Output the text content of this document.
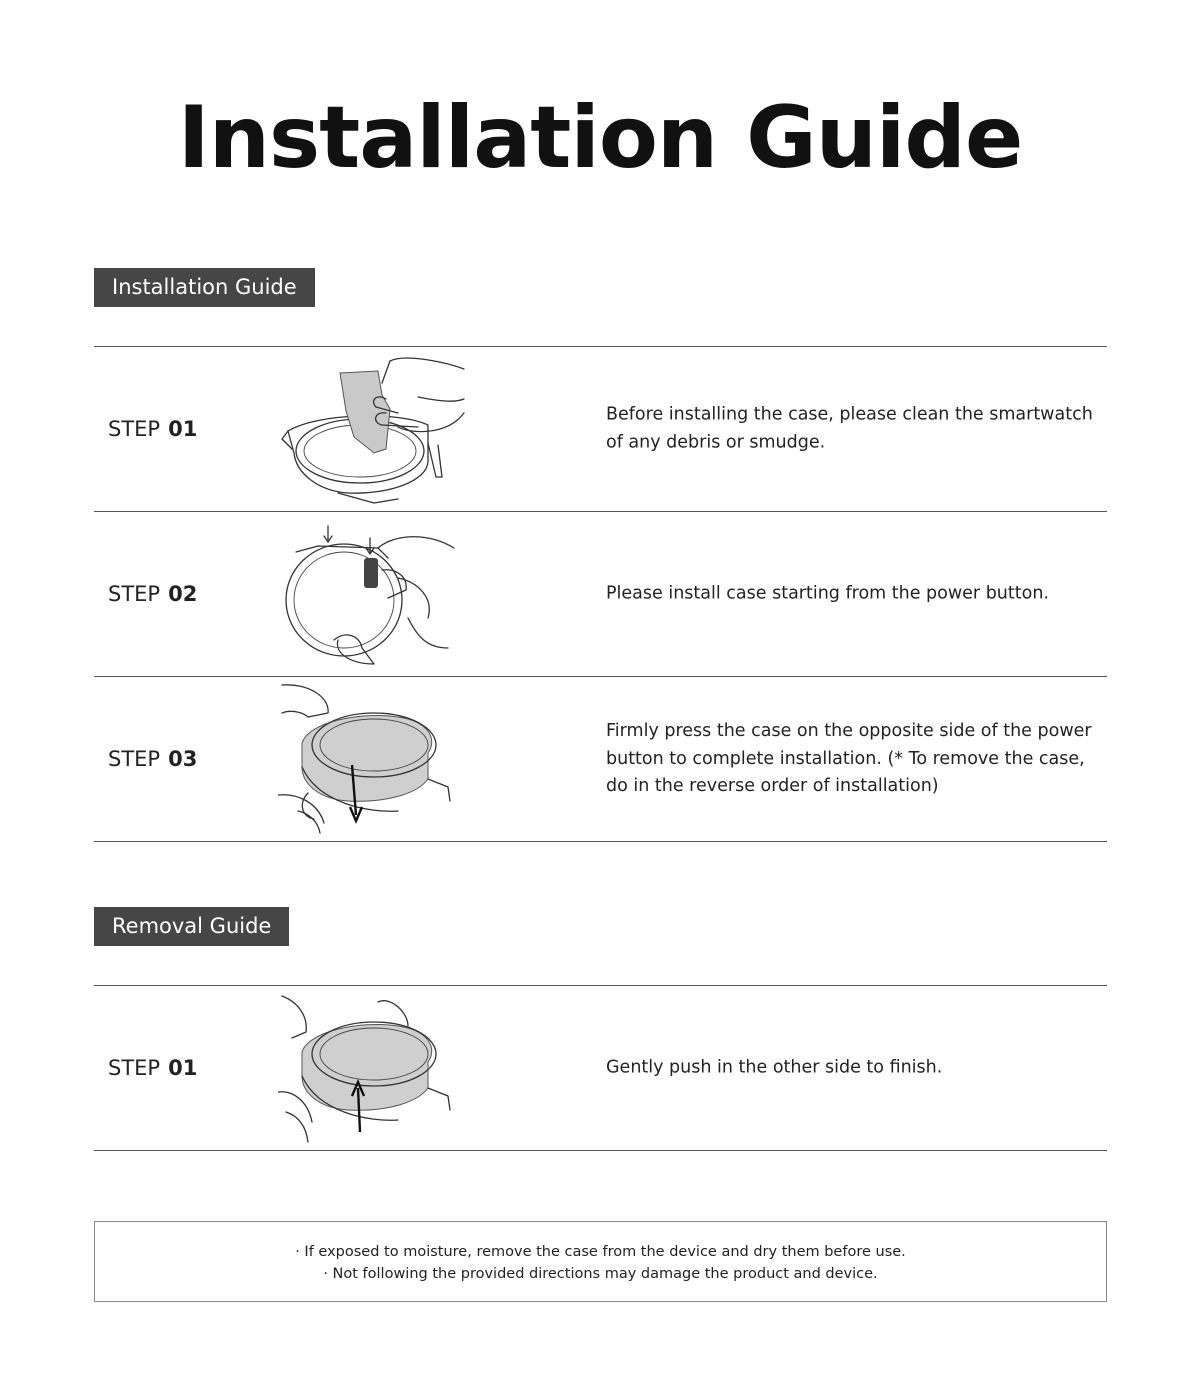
Installation Guide
Installation Guide
STEP 01
Before installing the case, please clean the smartwatch of any debris or smudge.
STEP 02	Please install case starting from the power button.
STEP 03
Firmly press the case on the opposite side of the power button to complete installation. (* To remove the case, do in the reverse order of installation)
Removal Guide
STEP 01	Gently push in the other side to finish.
· If exposed to moisture, remove the case from the device and dry them before use.
· Not following the provided directions may damage the product and device.
